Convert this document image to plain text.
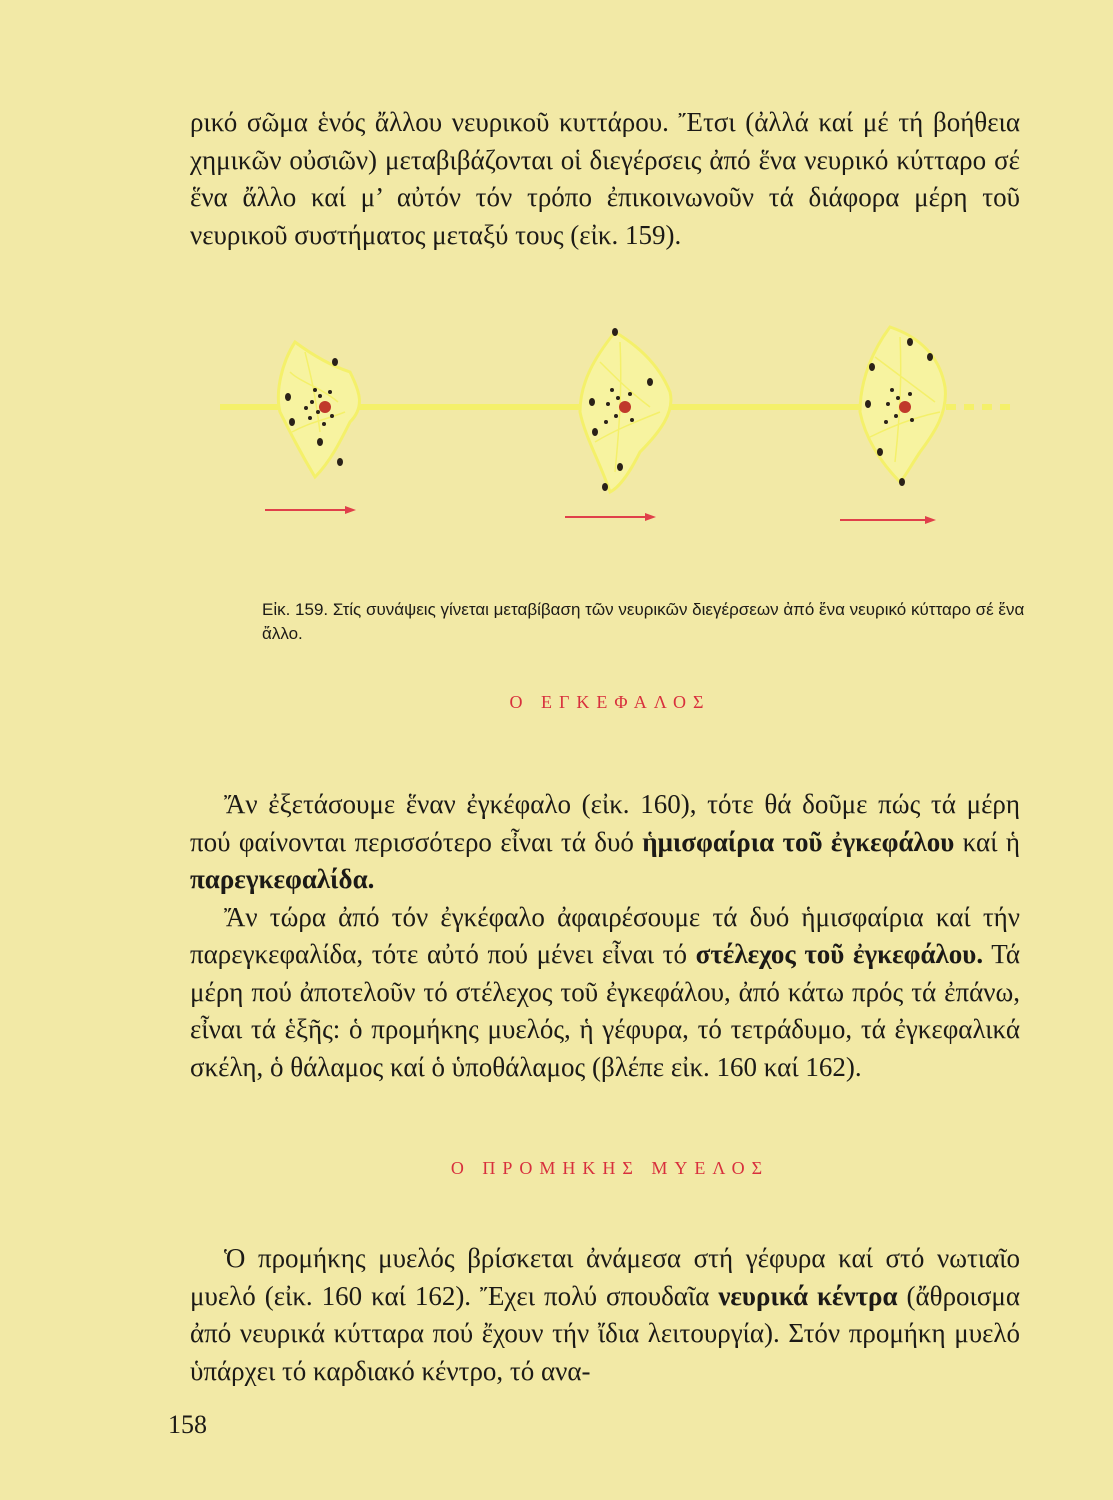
ρικό σῶμα ἑνός ἄλλου νευρικοῦ κυττάρου. Ἔτσι (ἀλλά καί μέ τή βοήθεια χημικῶν οὐσιῶν) μεταβιβάζονται οἱ διεγέρσεις ἀπό ἕνα νευρικό κύτταρο σέ ἕνα ἄλλο καί μ’ αὐτόν τόν τρόπο ἐπικοινωνοῦν τά διάφορα μέρη τοῦ νευρικοῦ συστήματος μεταξύ τους (εἰκ. 159).

Εἰκ. 159. Στίς συνάψεις γίνεται μεταβίβαση τῶν νευρικῶν διεγέρσεων ἀπό ἕνα νευρικό κύτταρο σέ ἕνα ἄλλο.

Ο ΕΓΚΕΦΑΛΟΣ
Ἄν ἐξετάσουμε ἕναν ἐγκέφαλο (εἰκ. 160), τότε θά δοῦμε πώς τά μέρη πού φαίνονται περισσότερο εἶναι τά δυό ἡμισφαίρια τοῦ ἐγκεφάλου καί ἡ παρεγκεφαλίδα.
Ἄν τώρα ἀπό τόν ἐγκέφαλο ἀφαιρέσουμε τά δυό ἡμισφαίρια καί τήν παρεγκεφαλίδα, τότε αὐτό πού μένει εἶναι τό στέλεχος τοῦ ἐγκεφάλου. Τά μέρη πού ἀποτελοῦν τό στέλεχος τοῦ ἐγκεφάλου, ἀπό κάτω πρός τά ἐπάνω, εἶναι τά ἑξῆς: ὁ προμήκης μυελός, ἡ γέφυρα, τό τετράδυμο, τά ἐγκεφαλικά σκέλη, ὁ θάλαμος καί ὁ ὑποθάλαμος (βλέπε εἰκ. 160 καί 162).
Ο ΠΡΟΜΗΚΗΣ ΜΥΕΛΟΣ

Ὁ προμήκης μυελός βρίσκεται ἀνάμεσα στή γέφυρα καί στό νωτιαῖο μυελό (εἰκ. 160 καί 162). Ἔχει πολύ σπουδαῖα νευρικά κέντρα (ἄθροισμα ἀπό νευρικά κύτταρα πού ἔχουν τήν ἴδια λειτουργία). Στόν προμήκη μυελό ὑπάρχει τό καρδιακό κέντρο, τό ανα-

158
